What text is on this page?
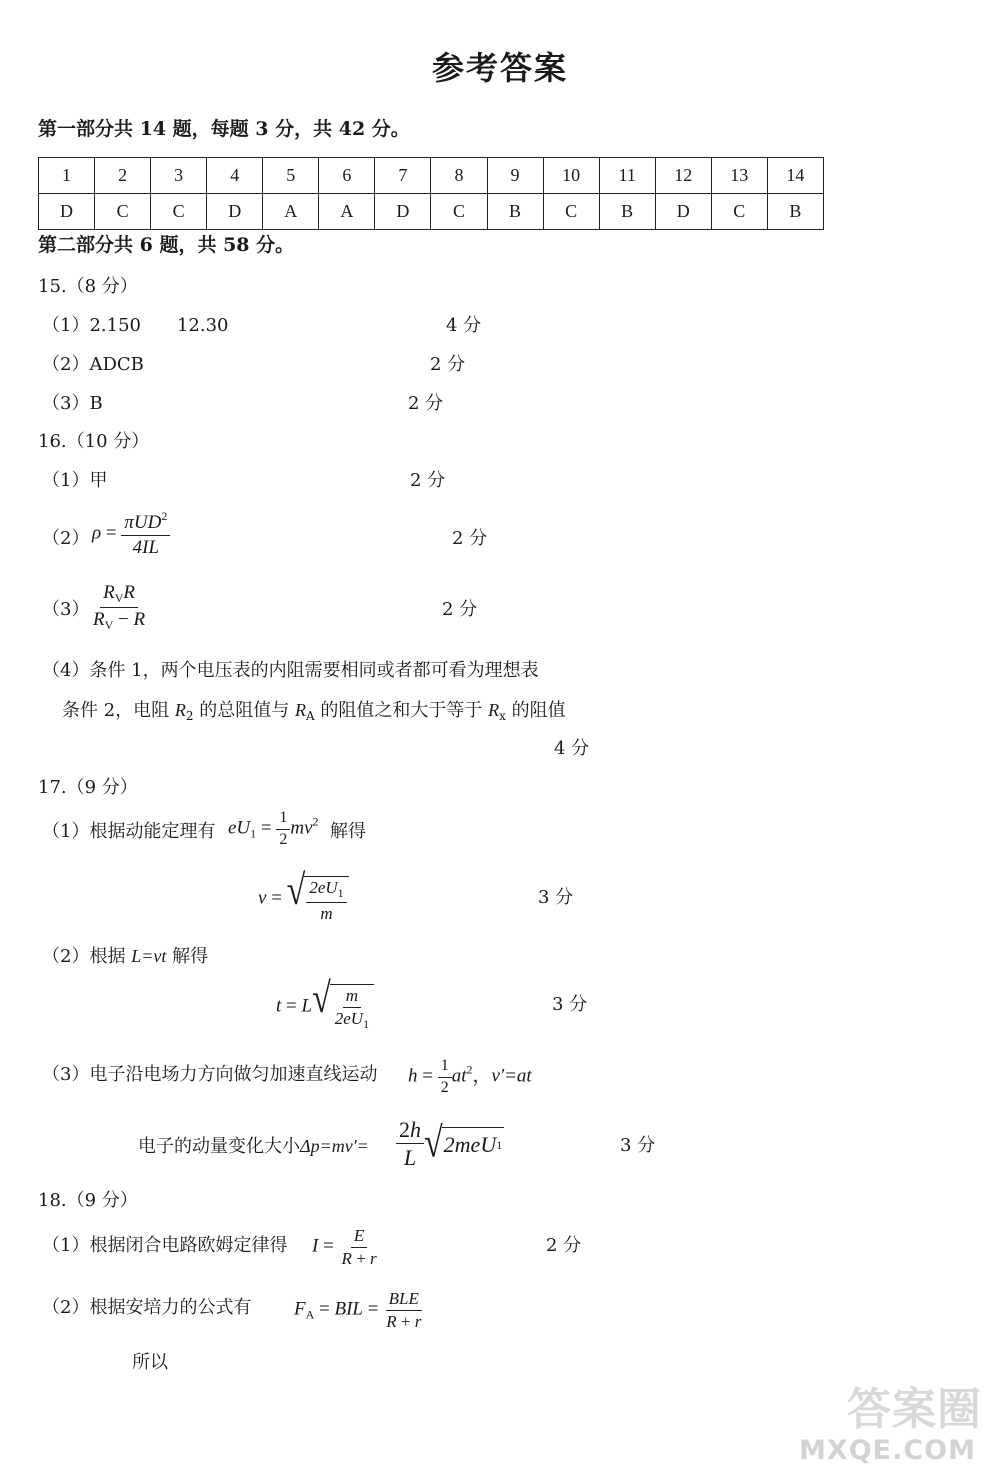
参考答案
第一部分共 14 题，每题 3 分，共 42 分。
1	2	3	4	5	6	7	8	9	10	11	12	13	14
D	C	C	D	A	A	D	C	B	C	B	D	C	B
第二部分共 6 题，共 58 分。
15.（8 分）
（1）2.150　　12.30	4 分
（2）ADCB	2 分
（3）B	2 分
16.（10 分）
（1）甲	2 分
（2） $\rho = \frac{\pi UD^2}{4IL}$	2 分
$(3) \frac{R_VR}{R_V - R}$	2 分
（4）条件 1，两个电压表的内阻需要相同或者都可看为理想表
条件 2，电阻 $R_2$ 的总阻值与 $R_A$ 的阻值之和大于等于 $R_x$ 的阻值
4 分
17.（9 分）
（1）根据动能定理有 $eU_1 = \frac{1}{2} mv^2$ 解得
v = √ $\frac{2eU_1}{m}$	3 分
（2）根据 L=vt 解得
t = L √ $\frac{m}{2eU_1}$	3 分
（3）电子沿电场力方向做匀加速直线运动 $h = \frac{1}{2} at^2$，v′=at
电子的动量变化大小$\Delta p=mv'= \frac{2h}{L}$ √ 2meU 1	3 分
18.（9 分）
（1）根据闭合电路欧姆定律得 $I = \frac{E}{R + r}$	2 分
（2）根据安培力的公式有 $F_A$ = BIL = $\frac{\text{BLE}}{R + r}$
所以
答案圈
MXQE.COM
